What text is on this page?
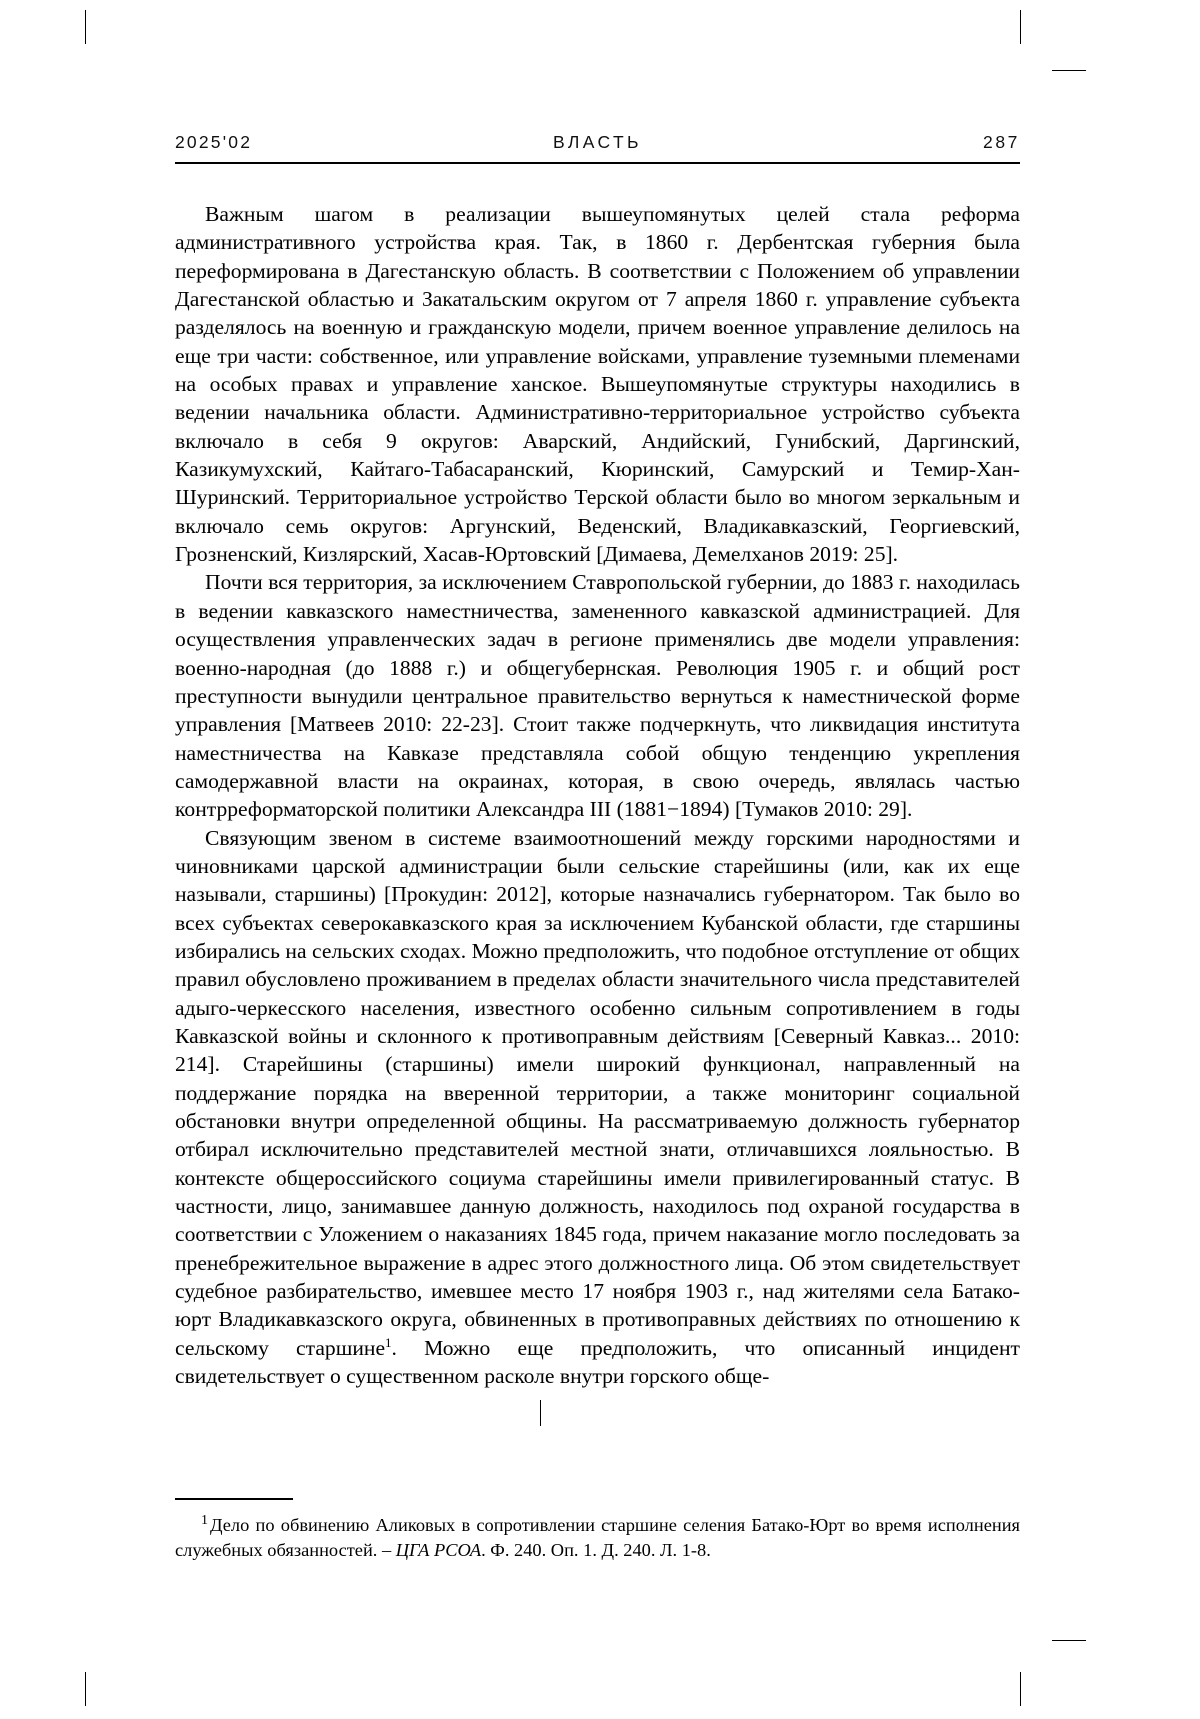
2025'02	ВЛАСТЬ	287

Важным шагом в реализации вышеупомянутых целей стала реформа административного устройства края. Так, в 1860 г. Дербентская губерния была переформирована в Дагестанскую область. В соответствии с Положением об управлении Дагестанской областью и Закатальским округом от 7 апреля 1860 г. управление субъекта разделялось на военную и гражданскую модели, причем военное управление делилось на еще три части: собственное, или управление войсками, управление туземными племенами на особых правах и управление ханское. Вышеупомянутые структуры находились в ведении начальника области. Административно-территориальное устройство субъекта включало в себя 9 округов: Аварский, Андийский, Гунибский, Даргинский, Казикумухский, Кайтаго-Табасаранский, Кюринский, Самурский и Темир-Хан-Шуринский. Территориальное устройство Терской области было во многом зеркальным и включало семь округов: Аргунский, Веденский, Владикавказский, Георгиевский, Грозненский, Кизлярский, Хасав-Юртовский [Димаева, Демелханов 2019: 25].

Почти вся территория, за исключением Ставропольской губернии, до 1883 г. находилась в ведении кавказского наместничества, замененного кавказской администрацией. Для осуществления управленческих задач в регионе применялись две модели управления: военно-народная (до 1888 г.) и общегубернская. Революция 1905 г. и общий рост преступности вынудили центральное правительство вернуться к наместнической форме управления [Матвеев 2010: 22-23]. Стоит также подчеркнуть, что ликвидация института наместничества на Кавказе представляла собой общую тенденцию укрепления самодержавной власти на окраинах, которая, в свою очередь, являлась частью контрреформаторской политики Александра III (1881−1894) [Тумаков 2010: 29].

Связующим звеном в системе взаимоотношений между горскими народностями и чиновниками царской администрации были сельские старейшины (или, как их еще называли, старшины) [Прокудин: 2012], которые назначались губернатором. Так было во всех субъектах северокавказского края за исключением Кубанской области, где старшины избирались на сельских сходах. Можно предположить, что подобное отступление от общих правил обусловлено проживанием в пределах области значительного числа представителей адыго-черкесского населения, известного особенно сильным сопротивлением в годы Кавказской войны и склонного к противоправным действиям [Северный Кавказ... 2010: 214]. Старейшины (старшины) имели широкий функционал, направленный на поддержание порядка на вверенной территории, а также мониторинг социальной обстановки внутри определенной общины. На рассматриваемую должность губернатор отбирал исключительно представителей местной знати, отличавшихся лояльностью. В контексте общероссийского социума старейшины имели привилегированный статус. В частности, лицо, занимавшее данную должность, находилось под охраной государства в соответствии с Уложением о наказаниях 1845 года, причем наказание могло последовать за пренебрежительное выражение в адрес этого должностного лица. Об этом свидетельствует судебное разбирательство, имевшее место 17 ноября 1903 г., над жителями села Батако-юрт Владикавказского округа, обвиненных в противоправных действиях по отношению к сельскому старшине$^1$. Можно еще предположить, что описанный инцидент свидетельствует о существенном расколе внутри горского обще-

$^1$ Дело по обвинению Аликовых в сопротивлении старшине селения Батако-Юрт во время исполнения служебных обязанностей. – ЦГА РСОА. Ф. 240. Оп. 1. Д. 240. Л. 1-8.
